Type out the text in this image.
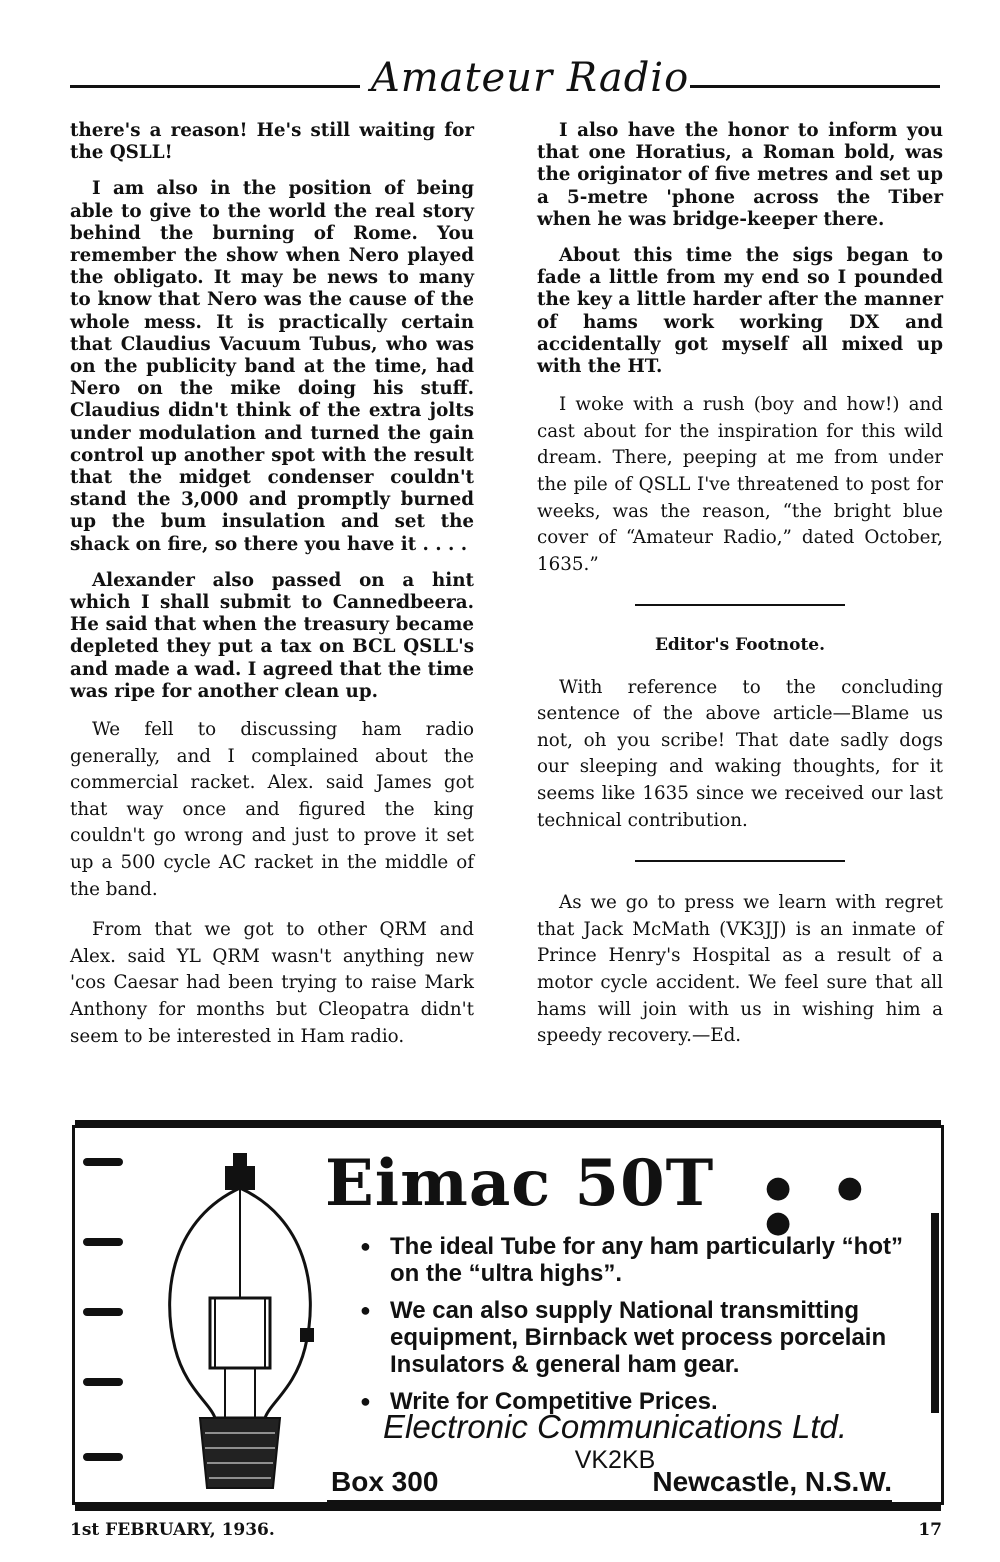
Amateur Radio

there's a reason! He's still waiting for the QSLL!

I am also in the position of being able to give to the world the real story behind the burning of Rome. You remember the show when Nero played the obligato. It may be news to many to know that Nero was the cause of the whole mess. It is practically certain that Claudius Vacuum Tubus, who was on the publicity band at the time, had Nero on the mike doing his stuff. Claudius didn't think of the extra jolts under modulation and turned the gain control up another spot with the result that the midget condenser couldn't stand the 3,000 and promptly burned up the bum insulation and set the shack on fire, so there you have it . . . .

Alexander also passed on a hint which I shall submit to Cannedbeera. He said that when the treasury became depleted they put a tax on BCL QSLL's and made a wad. I agreed that the time was ripe for another clean up.

We fell to discussing ham radio generally, and I complained about the commercial racket. Alex. said James got that way once and figured the king couldn't go wrong and just to prove it set up a 500 cycle AC racket in the middle of the band.

From that we got to other QRM and Alex. said YL QRM wasn't anything new 'cos Caesar had been trying to raise Mark Anthony for months but Cleopatra didn't seem to be interested in Ham radio.

I also have the honor to inform you that one Horatius, a Roman bold, was the originator of five metres and set up a 5-metre 'phone across the Tiber when he was bridge-keeper there.

About this time the sigs began to fade a little from my end so I pounded the key a little harder after the manner of hams work working DX and accidentally got myself all mixed up with the HT.

I woke with a rush (boy and how!) and cast about for the inspiration for this wild dream. There, peeping at me from under the pile of QSLL I've threatened to post for weeks, was the reason, “the bright blue cover of “Amateur Radio,” dated October, 1635.”

Editor's Footnote.

With reference to the concluding sentence of the above article—Blame us not, oh you scribe! That date sadly dogs our sleeping and waking thoughts, for it seems like 1635 since we received our last technical contribution.

As we go to press we learn with regret that Jack McMath (VK3JJ) is an inmate of Prince Henry's Hospital as a result of a motor cycle accident. We feel sure that all hams will join with us in wishing him a speedy recovery.—Ed.

Eimac 50T ● ● ●
● The ideal Tube for any ham particularly “hot” on the “ultra highs”.
● We can also supply National transmitting equipment, Birnback wet process porcelain Insulators & general ham gear.
● Write for Competitive Prices.
Electronic Communications Ltd.
VK2KB
Box 300	Newcastle, N.S.W.
1st FEBRUARY, 1936.	17
